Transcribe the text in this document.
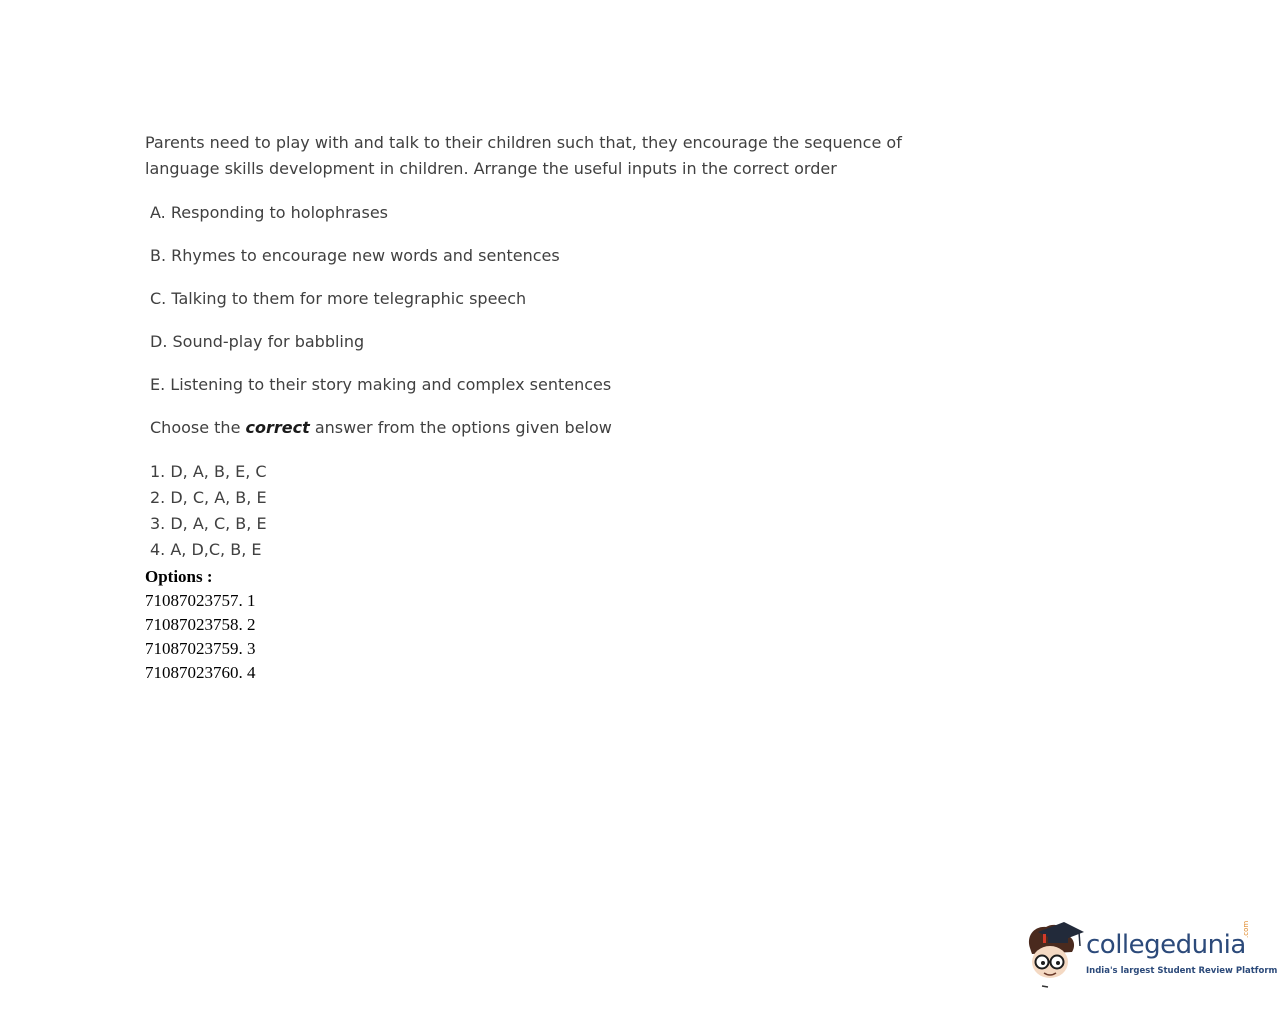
Parents need to play with and talk to their children such that, they encourage the sequence of language skills development in children. Arrange the useful inputs in the correct order

A. Responding to holophrases
B. Rhymes to encourage new words and sentences
C. Talking to them for more telegraphic speech
D. Sound-play for babbling
E. Listening to their story making and complex sentences

Choose the correct answer from the options given below

1. D, A, B, E, C
2. D, C, A, B, E
3. D, A, C, B, E
4. A, D,C, B, E
Options :
71087023757. 1
71087023758. 2
71087023759. 3
71087023760. 4
collegedunia
.com
India's largest Student Review Platform
